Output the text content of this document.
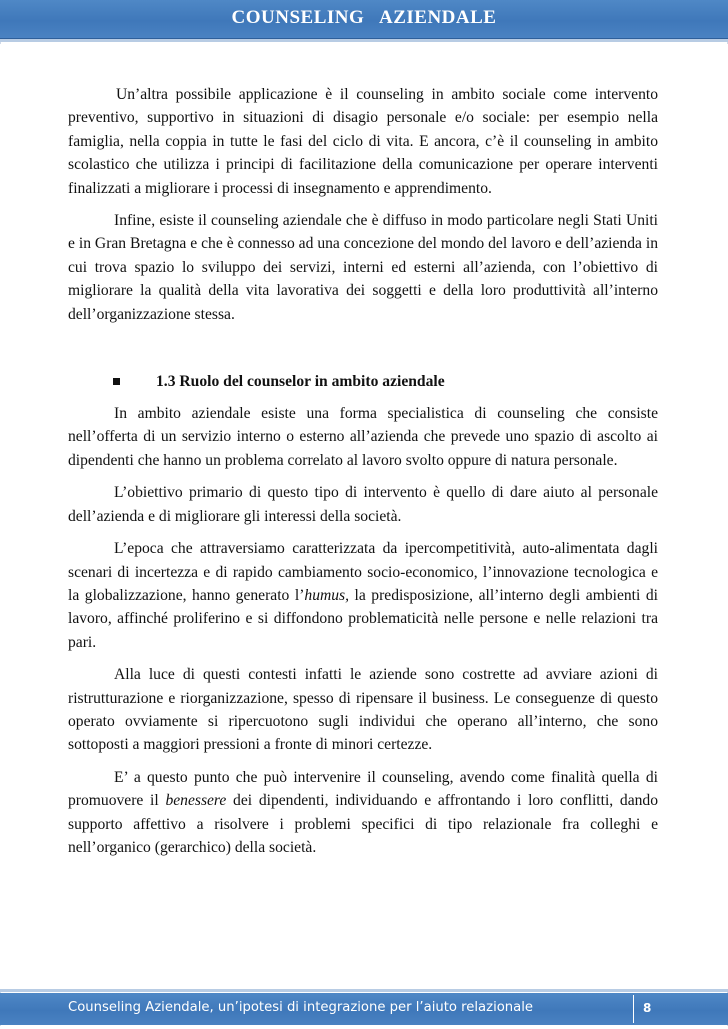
COUNSELING   AZIENDALE

Un’altra possibile applicazione è il counseling in ambito sociale come intervento preventivo, supportivo in situazioni di disagio personale e/o sociale: per esempio nella famiglia, nella coppia in tutte le fasi del ciclo di vita. E ancora, c’è il counseling in ambito scolastico che utilizza i principi di facilitazione della comunicazione per operare interventi finalizzati a migliorare i processi di insegnamento e apprendimento.

Infine, esiste il counseling aziendale che è diffuso in modo particolare negli Stati Uniti e in Gran Bretagna e che è connesso ad una concezione del mondo del lavoro e dell’azienda in cui trova spazio lo sviluppo dei servizi, interni ed esterni all’azienda, con l’obiettivo di migliorare la qualità della vita lavorativa dei soggetti e della loro produttività all’interno dell’organizzazione stessa.

1.3 Ruolo del counselor in ambito aziendale

In ambito aziendale esiste una forma specialistica di counseling che consiste nell’offerta di un servizio interno o esterno all’azienda che prevede uno spazio di ascolto ai dipendenti che hanno un problema correlato al lavoro svolto oppure di natura personale.

L’obiettivo primario di questo tipo di intervento è quello di dare aiuto al personale dell’azienda e di migliorare gli interessi della società.

L’epoca che attraversiamo caratterizzata da ipercompetitività, auto-alimentata dagli scenari di incertezza e di rapido cambiamento socio-economico, l’innovazione tecnologica e la globalizzazione, hanno generato l’humus, la predisposizione, all’interno degli ambienti di lavoro, affinché proliferino e si diffondono problematicità nelle persone e nelle relazioni tra pari.

Alla luce di questi contesti infatti le aziende sono costrette ad avviare azioni di ristrutturazione e riorganizzazione, spesso di ripensare il business. Le conseguenze di questo operato ovviamente si ripercuotono sugli individui che operano all’interno, che sono sottoposti a maggiori pressioni a fronte di minori certezze.

E’ a questo punto che può intervenire il counseling, avendo come finalità quella di promuovere il benessere dei dipendenti, individuando e affrontando i loro conflitti, dando supporto affettivo a risolvere i problemi specifici di tipo relazionale fra colleghi e nell’organico (gerarchico) della società.

Counseling Aziendale, un’ipotesi di integrazione per l’aiuto relazionale	8
